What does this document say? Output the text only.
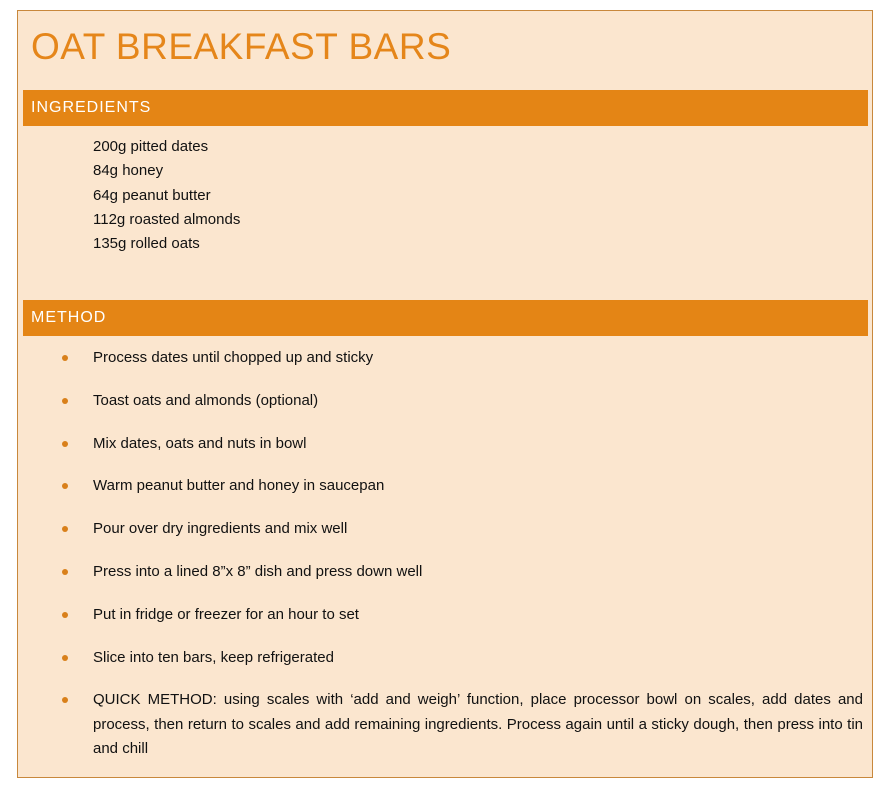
OAT BREAKFAST BARS
INGREDIENTS
200g pitted dates
84g honey
64g peanut butter
112g roasted almonds
135g rolled oats
METHOD
Process dates until chopped up and sticky
Toast oats and almonds (optional)
Mix dates, oats and nuts in bowl
Warm peanut butter and honey in saucepan
Pour over dry ingredients and mix well
Press into a lined 8”x 8” dish and press down well
Put in fridge or freezer for an hour to set
Slice into ten bars, keep refrigerated
QUICK METHOD: using scales with ‘add and weigh’ function, place processor bowl on scales, add dates and process, then return to scales and add remaining ingredients. Process again until a sticky dough, then press into tin and chill
